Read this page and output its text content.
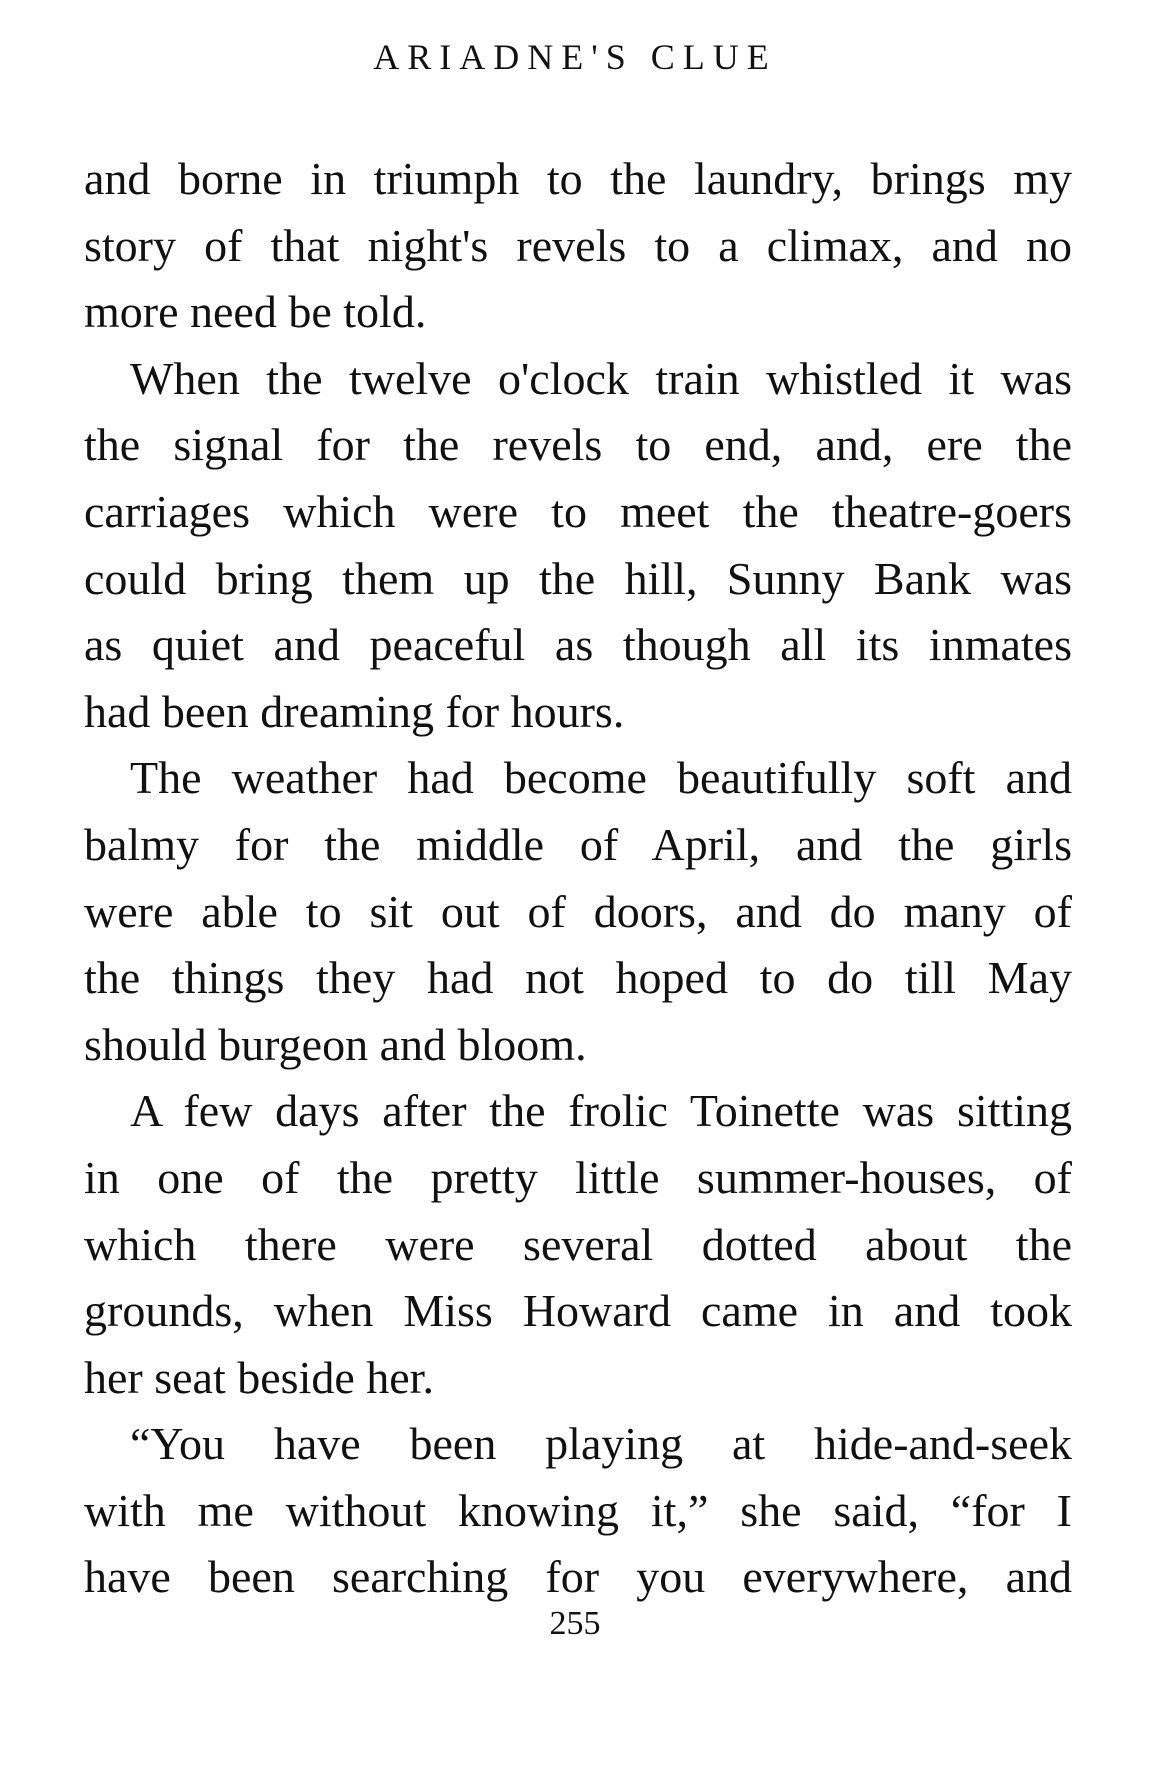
ARIADNE'S CLUE
and borne in triumph to the laundry, brings my
story of that night's revels to a climax, and no
more need be told.
When the twelve o'clock train whistled it was
the signal for the revels to end, and, ere the
carriages which were to meet the theatre-goers
could bring them up the hill, Sunny Bank was
as quiet and peaceful as though all its inmates
had been dreaming for hours.
The weather had become beautifully soft and
balmy for the middle of April, and the girls
were able to sit out of doors, and do many of
the things they had not hoped to do till May
should burgeon and bloom.
A few days after the frolic Toinette was sitting
in one of the pretty little summer-houses, of
which there were several dotted about the
grounds, when Miss Howard came in and took
her seat beside her.
“You have been playing at hide-and-seek
with me without knowing it,” she said, “for I
have been searching for you everywhere, and
255
